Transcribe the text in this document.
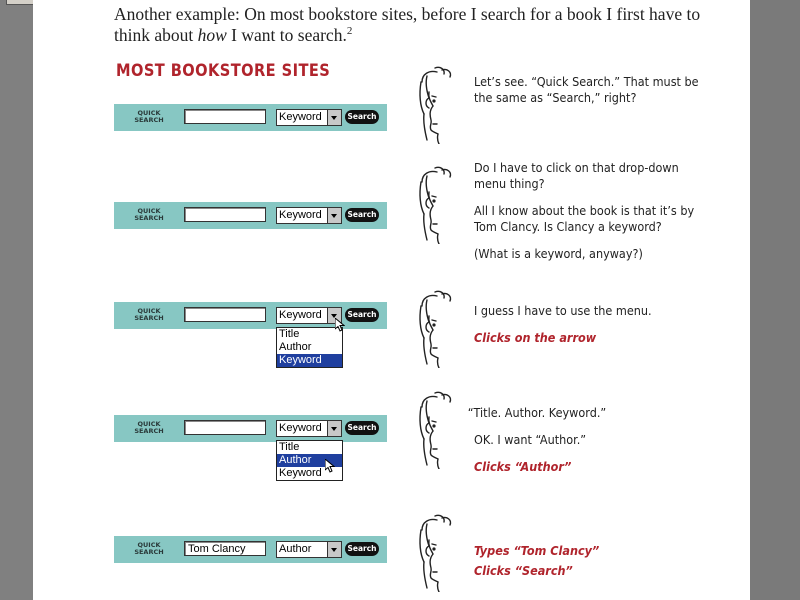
Another example: On most bookstore sites, before I search for a book I first have to think about how I want to search.$^2$
MOST BOOKSTORE SITES
QUICK
SEARCH	Keyword	Search
QUICK
SEARCH	Keyword	Search
QUICK
SEARCH	Keyword	Search
Title
Author
Keyword
QUICK
SEARCH	Keyword	Search
Title
Author
Keyword
QUICK
SEARCH	Tom Clancy	Author	Search

Let’s see. “Quick Search.” That must be the same as “Search,” right?

Do I have to click on that drop-down menu thing?

All I know about the book is that it’s by Tom Clancy. Is Clancy a keyword?

(What is a keyword, anyway?)

I guess I have to use the menu.

Clicks on the arrow

“Title. Author. Keyword.”

OK. I want “Author.”

Clicks “Author”

Types “Tom Clancy”

Clicks “Search”
